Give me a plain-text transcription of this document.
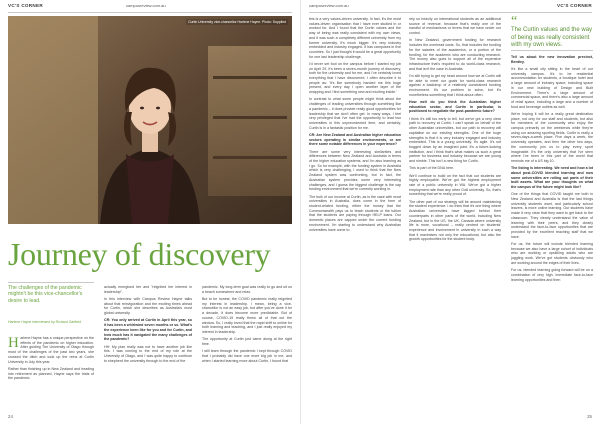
VC'S CORNER	campusreview.com.au
Curtin University vice-chancellor Harlene Hayne. Photo: Supplied
Journey of discovery
The challenges of the pandemic mightn't be this vice-chancellor's desire to lead.
Harlene Hayne interviewed by Richard Garfield

Harlene Hayne has a unique perspective on the effects of the pandemic on higher education. After guiding The University of Otago through most of the challenges of the past two years, she crossed the ditch and took up the reins at Curtin University in July this year.

Rather than finishing up in New Zealand and heading into retirement as planned, Hayne says the trials of the pandemic

actually energised her and "reignited her interest in leadership".

In this interview with Campus Review Hayne talks about that reinvigoration and the exciting times ahead for Curtin, which she describes as Australia's most global university.

CR: You only arrived at Curtin in April this year, so it has been a whirlwind seven months or so. What's the experience been like for you and for Curtin, and how much has it navigated the many challenges of the pandemic?

HH: My plan really was not to have another job like this. I was coming to the end of my role at the University of Otago, and I was quite happy to continue to shepherd the university through to the end of the

pandemic. My long-term goal was really to go and sit on a beach somewhere and relax.

But to be honest, the COVID pandemic really reignited my interest in leadership. I mean, being a vice-chancellor is not an easy job, but after you've done it for a decade, it does become more predictable. But of course, COVID-19 really threw all of that out the window. So, I really loved that the rapid shift to online for both learning and teaching, and I just really enjoyed my interest in leadership.

The opportunity at Curtin just came along at the right time.

I still learn through the pandemic I kept through COVID that I probably did have one more big job in me, and when I started learning more about Curtin, I found that

24
campusreview.com.au	VC'S CORNER

this is a very values-driven university. In fact, it's the most values-driven organisation that I have ever studied in or worked for. And I found that the Curtin values and the way of being was really consistent with my own views, and it was such a completely different university from my former university. It's much bigger. It's very industry embedded and industry engaged. It has campuses in five countries. So I just thought it would be a great opportunity for one last leadership challenge.

I'd never set foot on the campus before I started my job on April 29. It's been a seven-month journey of discovery, both for the university and for me, and I've certainly loved everything that I have discovered. I often describe it to people as: 'It's like somebody handed me this huge present, and every day I open another layer of the wrapping and I find something new and exciting inside.'

In contrast to what some people might think about the challenges of leading universities through something like a pandemic – it does provide really good opportunities for leadership that we don't often get. In many ways, I feel very privileged that I've had the opportunity to lead two universities in this unprecedented time, and certainly, Curtin is in a fantastic position for me.

CR: Are New Zealand and Australian higher education sectors operating in similar environments, or are there some notable differences in your experience?

There are some very interesting similarities and differences between New Zealand and Australia in terms of the higher education systems, and I'm also learning as I go. So for example, with the funding system in Australia which is very challenging, I used to think that the New Zealand system was confronting, but in fact, the Australian system provides some very interesting challenges, and I guess the biggest challenge is the cap funding environment that we're currently working in.

The bulk of our income at Curtin, as is the case with most universities in Australia, does come in the form of student-related funding, either the money that the Commonwealth pays us to teach students or the tuition that the students are paying through HELP loans. Our domestic places are capped under the current funding environment. I'm starting to understand why Australian universities have come to

rely so heavily on international students as an additional source of revenue, because that's really one of the handful of mechanisms or levers that we have under our control.

In New Zealand, government funding for research includes the overhead costs. So, that includes the funding for the salaries of the academics, or a portion of the funding, for the academic who are conducting research. The money also goes to support all of the expensive infrastructure that's required to do world-class research, and that isn't the case in Australia.

I'm still trying to get my head around how we at Curtin will be able to meet our goals for world-class research against a backdrop of a relatively constrained funding environment. It's our problem to solve, but it's nonetheless something that I think about often.

How well do you think the Australian higher education sector, and Curtin in particular, is positioned to negotiate the post-pandemic future?

I think it's still too early to tell, but we've got a very clear path to recovery at Curtin. I can't speak on behalf of the other Australian universities, but our path to recovery will capitalise on our existing strengths. One of the huge strengths is that it is very industry engaged and industry embedded. This is a young university. It's agile. It's not bogged down by an imagined past. It's a future-looking institution, and I think that's what makes us such a great partner for business and industry because we are young and nimble. This isn't a new thing for Curtin.

This is part of the DNA here.

We'll continue to build on the fact that our students are highly employable. We've got the highest employment rate of a public university in WA. We've got a higher employment rate than any other Go8 university. So, that's something that we're really proud of.

The other part of our strategy will be around maintaining the student experience. I do think that it's one thing where Australian universities have lagged behind their counterparts in other parts of the world, including New Zealand, but in the US, the UK, Canada where university life is more, vocational – really centred on students' experience and involvement in university in such a way that it maximises not only the educational, but also the growth opportunities for the student body.

“
The Curtin values and the way of being was really consistent with my own views.

Tell us about the new innovation precinct, Bentley.

It's like a small city sitting in the heart of our university campus. It's to be residential accommodation for students, a boutique hotel and a large amount of industry space, including space in our new building of Design and Built Environment. There's a large amount of commercial space, and there's also a large amount of retail space, including a large and a number of food and beverage outlets as well.

We're hoping it will be a really great destination place, not only for our staff and students, but also for members of the community who enjoy the campus primarily on the weekends while they're using our amazing sporting fields. Curtin is really a seven-days-a-week place. Five days a week, the university operates, and then the other two days, the community join us to play every sport imaginable. It's the only university that I've seen where I've been in this part of the world that reminds me of a US big 10.

The listing is interesting. We need and how a lot about post-COVID blended learning and now some universities are rolling out parts of their built assets. What are your thoughts on what the campus of the future might look like?

One of the things that COVID taught me both in New Zealand and Australia is that the last things university students want, and particularly school leavers, is more online learning. Our students have made it very clear that they want to get back to the classroom. They clearly understand the value of learning with their peers, and they clearly understand the face-to-face opportunities that are provided by the excellent teaching staff that we have.

For us, the future will include blended learning because we also have a large cohort of individuals who are working or upskilling adults who are juggling work. We've got students obviously who are working around the edges of their lives.

For us, blended learning going forward will be on a combination of very high, immediate face-to-face learning opportunities and then

25
